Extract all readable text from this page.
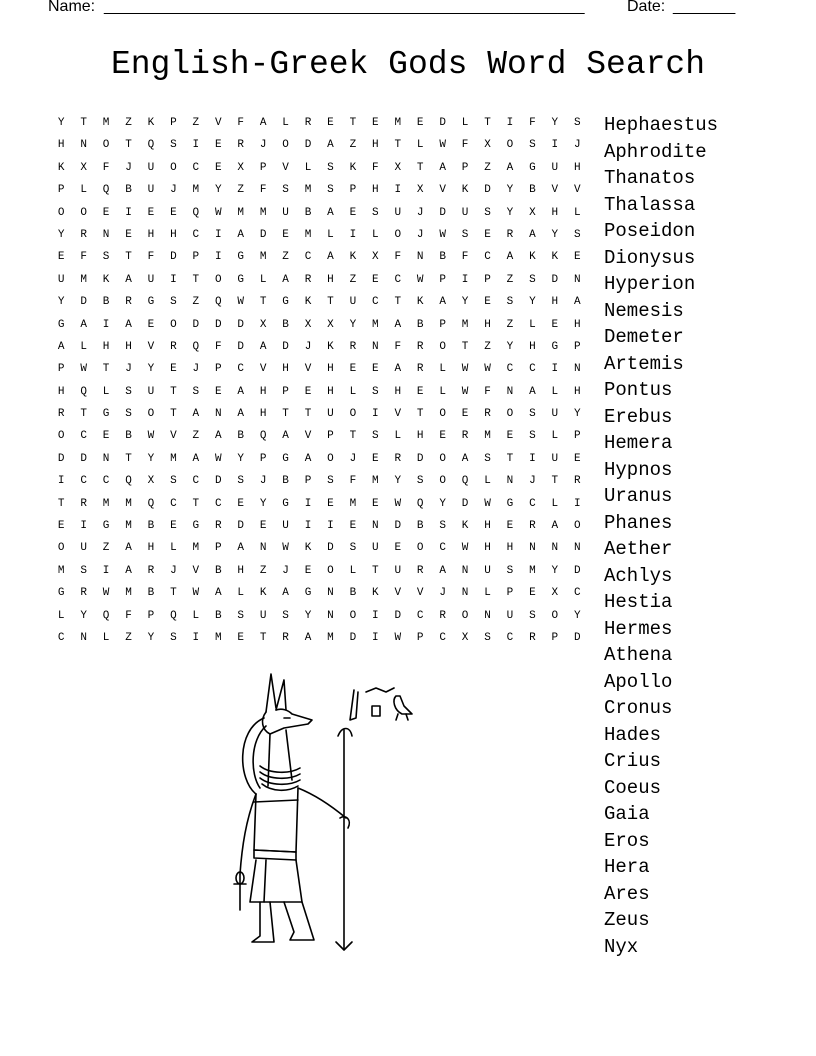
Name: ______________________________________________________	Date: _______
English-Greek Gods Word Search
Y	T	M	Z	K	P	Z	V	F	A	L	R	E	T	E	M	E	D	L	T	I	F	Y	S
H	N	O	T	Q	S	I	E	R	J	O	D	A	Z	H	T	L	W	F	X	O	S	I	J
K	X	F	J	U	O	C	E	X	P	V	L	S	K	F	X	T	A	P	Z	A	G	U	H
P	L	Q	B	U	J	M	Y	Z	F	S	M	S	P	H	I	X	V	K	D	Y	B	V	V
O	O	E	I	E	E	Q	W	M	M	U	B	A	E	S	U	J	D	U	S	Y	X	H	L
Y	R	N	E	H	H	C	I	A	D	E	M	L	I	L	O	J	W	S	E	R	A	Y	S
E	F	S	T	F	D	P	I	G	M	Z	C	A	K	X	F	N	B	F	C	A	K	K	E
U	M	K	A	U	I	T	O	G	L	A	R	H	Z	E	C	W	P	I	P	Z	S	D	N
Y	D	B	R	G	S	Z	Q	W	T	G	K	T	U	C	T	K	A	Y	E	S	Y	H	A
G	A	I	A	E	O	D	D	D	X	B	X	X	Y	M	A	B	P	M	H	Z	L	E	H
A	L	H	H	V	R	Q	F	D	A	D	J	K	R	N	F	R	O	T	Z	Y	H	G	P
P	W	T	J	Y	E	J	P	C	V	H	V	H	E	E	A	R	L	W	W	C	C	I	N
H	Q	L	S	U	T	S	E	A	H	P	E	H	L	S	H	E	L	W	F	N	A	L	H
R	T	G	S	O	T	A	N	A	H	T	T	U	O	I	V	T	O	E	R	O	S	U	Y
O	C	E	B	W	V	Z	A	B	Q	A	V	P	T	S	L	H	E	R	M	E	S	L	P
D	D	N	T	Y	M	A	W	Y	P	G	A	O	J	E	R	D	O	A	S	T	I	U	E
I	C	C	Q	X	S	C	D	S	J	B	P	S	F	M	Y	S	O	Q	L	N	J	T	R
T	R	M	M	Q	C	T	C	E	Y	G	I	E	M	E	W	Q	Y	D	W	G	C	L	I
E	I	G	M	B	E	G	R	D	E	U	I	I	E	N	D	B	S	K	H	E	R	A	O
O	U	Z	A	H	L	M	P	A	N	W	K	D	S	U	E	O	C	W	H	H	N	N	N
M	S	I	A	R	J	V	B	H	Z	J	E	O	L	T	U	R	A	N	U	S	M	Y	D
G	R	W	M	B	T	W	A	L	K	A	G	N	B	K	V	V	J	N	L	P	E	X	C
L	Y	Q	F	P	Q	L	B	S	U	S	Y	N	O	I	D	C	R	O	N	U	S	O	Y
C	N	L	Z	Y	S	I	M	E	T	R	A	M	D	I	W	P	C	X	S	C	R	P	D
Hephaestus
Aphrodite
Thanatos
Thalassa
Poseidon
Dionysus
Hyperion
Nemesis
Demeter
Artemis
Pontus
Erebus
Hemera
Hypnos
Uranus
Phanes
Aether
Achlys
Hestia
Hermes
Athena
Apollo
Cronus
Hades
Crius
Coeus
Gaia
Eros
Hera
Ares
Zeus
Nyx
